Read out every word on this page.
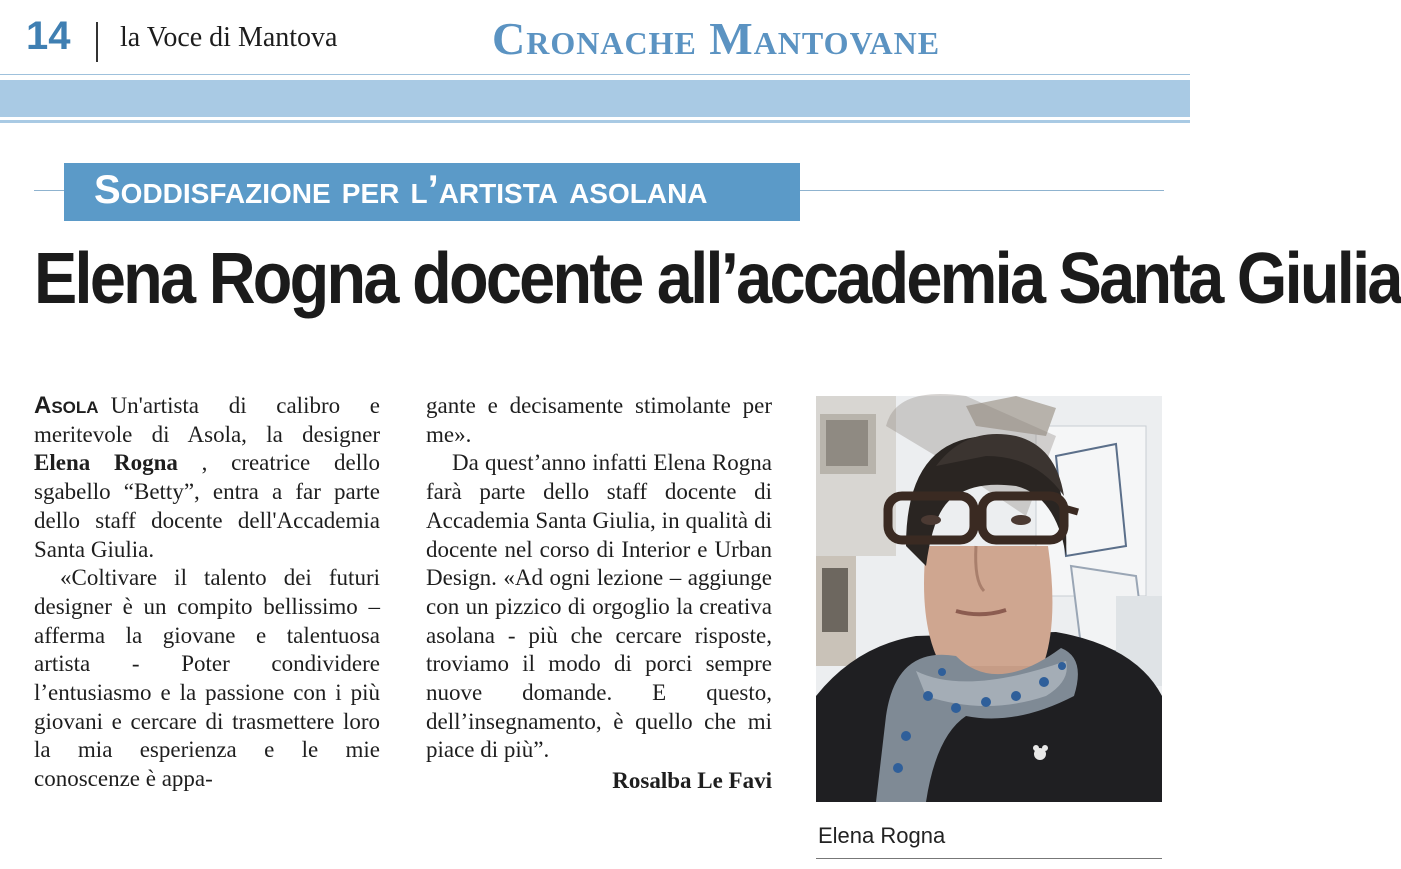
14 la Voce di Mantova	Cronache Mantovane
Soddisfazione per l’artista asolana
Elena Rogna docente all’accademia Santa Giulia

Asola Un'artista di calibro e meritevole di Asola, la designer Elena Rogna , creatrice dello sgabello “Betty”, entra a far parte dello staff docente dell'Accademia Santa Giulia.

«Coltivare il talento dei futuri designer è un compito bellissimo – afferma la giovane e talentuosa artista - Poter condividere l’entusiasmo e la passione con i più giovani e cercare di trasmettere loro la mia esperienza e le mie conoscenze è appa-

gante e decisamente stimolante per me».

Da quest’anno infatti Elena Rogna farà parte dello staff docente di Accademia Santa Giulia, in qualità di docente nel corso di Interior e Urban Design. «Ad ogni lezione – aggiunge con un pizzico di orgoglio la creativa asolana - più che cercare risposte, troviamo il modo di porci sempre nuove domande. E questo, dell’insegnamento, è quello che mi piace di più”.

Rosalba Le Favi
Elena Rogna
